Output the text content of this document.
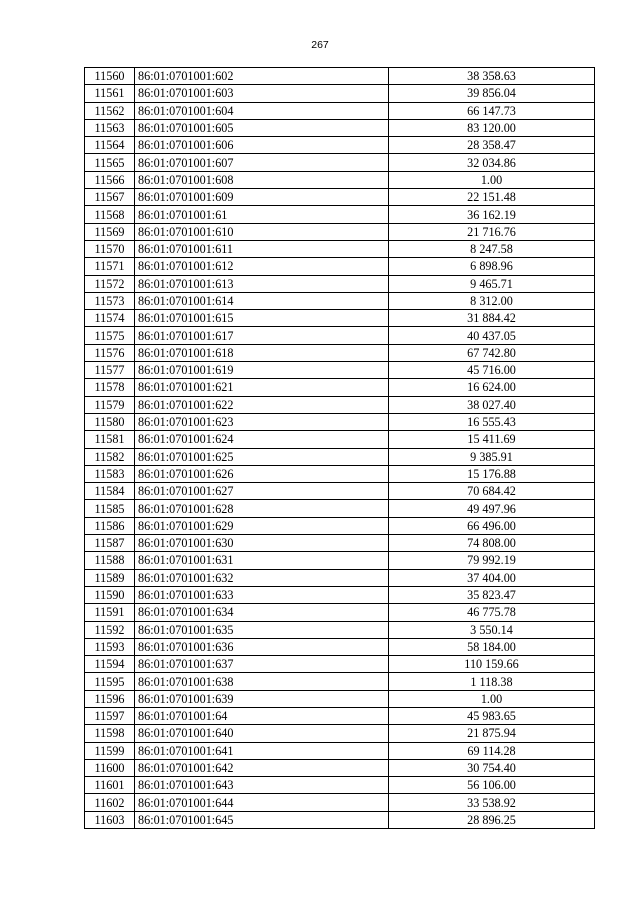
267
11560	86:01:0701001:602	38 358.63
11561	86:01:0701001:603	39 856.04
11562	86:01:0701001:604	66 147.73
11563	86:01:0701001:605	83 120.00
11564	86:01:0701001:606	28 358.47
11565	86:01:0701001:607	32 034.86
11566	86:01:0701001:608	1.00
11567	86:01:0701001:609	22 151.48
11568	86:01:0701001:61	36 162.19
11569	86:01:0701001:610	21 716.76
11570	86:01:0701001:611	8 247.58
11571	86:01:0701001:612	6 898.96
11572	86:01:0701001:613	9 465.71
11573	86:01:0701001:614	8 312.00
11574	86:01:0701001:615	31 884.42
11575	86:01:0701001:617	40 437.05
11576	86:01:0701001:618	67 742.80
11577	86:01:0701001:619	45 716.00
11578	86:01:0701001:621	16 624.00
11579	86:01:0701001:622	38 027.40
11580	86:01:0701001:623	16 555.43
11581	86:01:0701001:624	15 411.69
11582	86:01:0701001:625	9 385.91
11583	86:01:0701001:626	15 176.88
11584	86:01:0701001:627	70 684.42
11585	86:01:0701001:628	49 497.96
11586	86:01:0701001:629	66 496.00
11587	86:01:0701001:630	74 808.00
11588	86:01:0701001:631	79 992.19
11589	86:01:0701001:632	37 404.00
11590	86:01:0701001:633	35 823.47
11591	86:01:0701001:634	46 775.78
11592	86:01:0701001:635	3 550.14
11593	86:01:0701001:636	58 184.00
11594	86:01:0701001:637	110 159.66
11595	86:01:0701001:638	1 118.38
11596	86:01:0701001:639	1.00
11597	86:01:0701001:64	45 983.65
11598	86:01:0701001:640	21 875.94
11599	86:01:0701001:641	69 114.28
11600	86:01:0701001:642	30 754.40
11601	86:01:0701001:643	56 106.00
11602	86:01:0701001:644	33 538.92
11603	86:01:0701001:645	28 896.25
